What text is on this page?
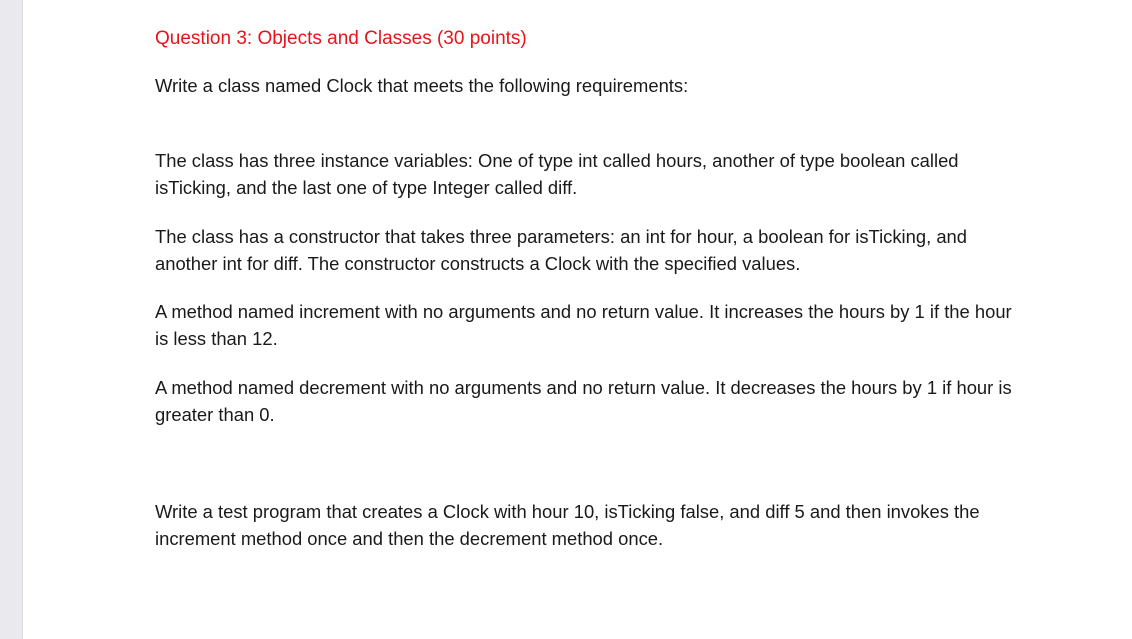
Question 3: Objects and Classes (30 points)

Write a class named Clock that meets the following requirements:

The class has three instance variables: One of type int called hours, another of type boolean called isTicking, and the last one of type Integer called diff.

The class has a constructor that takes three parameters: an int for hour, a boolean for isTicking, and another int for diff. The constructor constructs a Clock with the specified values.

A method named increment with no arguments and no return value. It increases the hours by 1 if the hour is less than 12.

A method named decrement with no arguments and no return value. It decreases the hours by 1 if hour is greater than 0.

Write a test program that creates a Clock with hour 10, isTicking false, and diff 5 and then invokes the increment method once and then the decrement method once.
